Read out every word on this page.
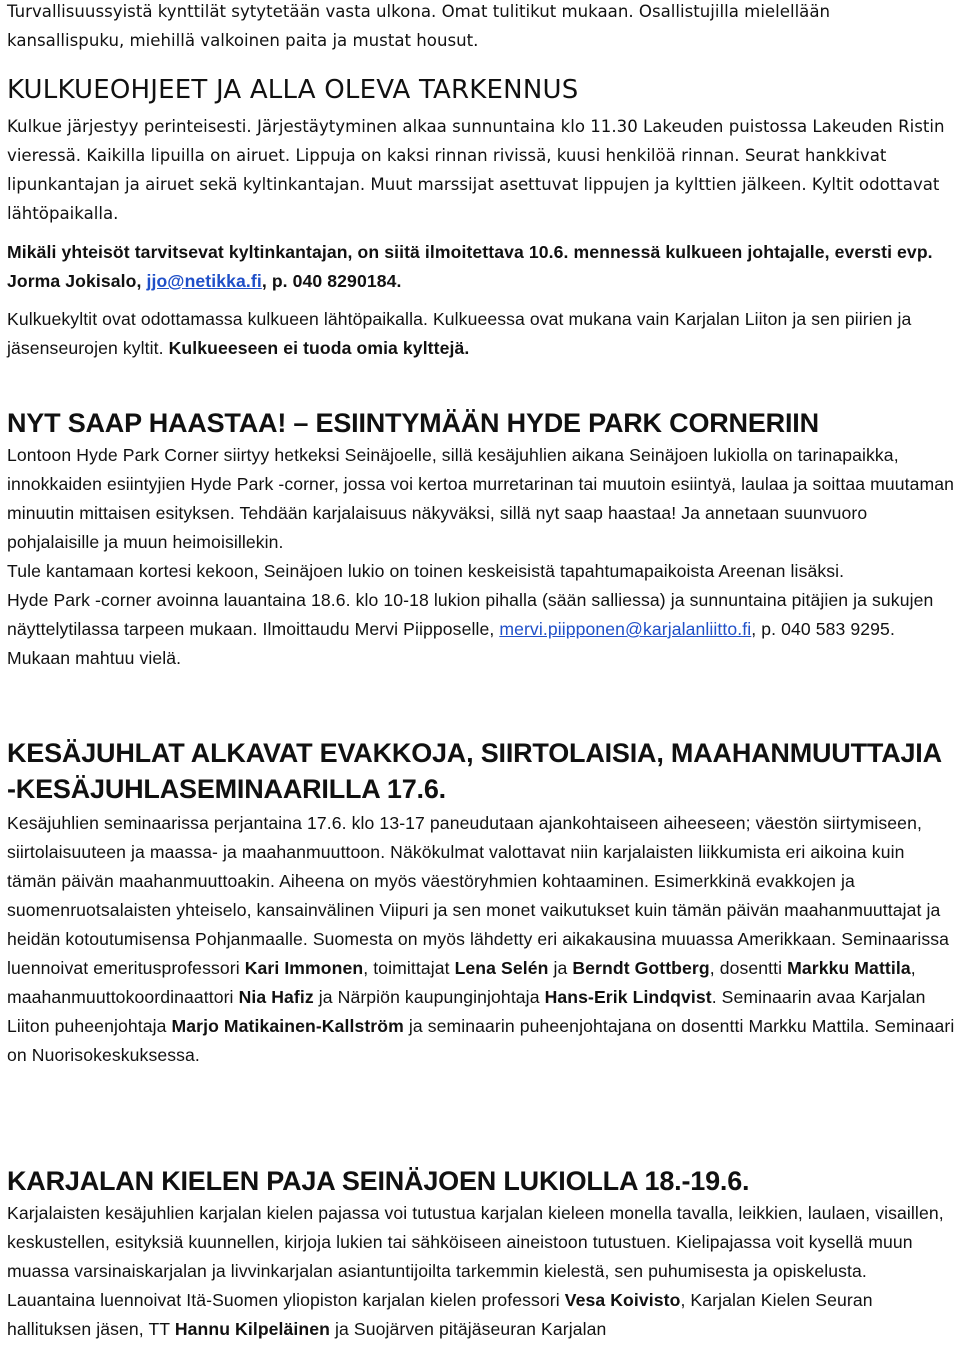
Turvallisuussyistä kynttilät sytytetään vasta ulkona. Omat tulitikut mukaan. Osallistujilla mielellään

kansallispuku, miehillä valkoinen paita ja mustat housut.

KULKUEOHJEET JA ALLA OLEVA TARKENNUS

Kulkue järjestyy perinteisesti. Järjestäytyminen alkaa sunnuntaina klo 11.30 Lakeuden puistossa Lakeuden Ristin vieressä. Kaikilla lipuilla on airuet. Lippuja on kaksi rinnan rivissä, kuusi henkilöä rinnan. Seurat hankkivat lipunkantajan ja airuet sekä kyltinkantajan. Muut marssijat asettuvat lippujen ja kylttien jälkeen. Kyltit odottavat lähtöpaikalla.

Mikäli yhteisöt tarvitsevat kyltinkantajan, on siitä ilmoitettava 10.6. mennessä kulkueen johtajalle, eversti evp. Jorma Jokisalo, jjo@netikka.fi, p. 040 8290184.

Kulkuekyltit ovat odottamassa kulkueen lähtöpaikalla. Kulkueessa ovat mukana vain Karjalan Liiton ja sen piirien ja jäsenseurojen kyltit. Kulkueeseen ei tuoda omia kylttejä.

NYT SAAP HAASTAA! – ESIINTYMÄÄN HYDE PARK CORNERIIN

Lontoon Hyde Park Corner siirtyy hetkeksi Seinäjoelle, sillä kesäjuhlien aikana Seinäjoen lukiolla on tarinapaikka, innokkaiden esiintyjien Hyde Park -corner, jossa voi kertoa murretarinan tai muutoin esiintyä, laulaa ja soittaa muutaman minuutin mittaisen esityksen. Tehdään karjalaisuus näkyväksi, sillä nyt saap haastaa! Ja annetaan suunvuoro pohjalaisille ja muun heimoisillekin.

Tule kantamaan kortesi kekoon, Seinäjoen lukio on toinen keskeisistä tapahtumapaikoista Areenan lisäksi.

Hyde Park -corner avoinna lauantaina 18.6. klo 10-18 lukion pihalla (sään salliessa) ja sunnuntaina pitäjien ja sukujen näyttelytilassa tarpeen mukaan. Ilmoittaudu Mervi Piipposelle, mervi.piipponen@karjalanliitto.fi, p. 040 583 9295. Mukaan mahtuu vielä.

KESÄJUHLAT ALKAVAT EVAKKOJA, SIIRTOLAISIA, MAAHANMUUTTAJIA
-KESÄJUHLASEMINAARILLA 17.6.

Kesäjuhlien seminaarissa perjantaina 17.6. klo 13-17 paneudutaan ajankohtaiseen aiheeseen; väestön siirtymiseen, siirtolaisuuteen ja maassa- ja maahanmuuttoon. Näkökulmat valottavat niin karjalaisten liikkumista eri aikoina kuin tämän päivän maahanmuuttoakin. Aiheena on myös väestöryhmien kohtaaminen. Esimerkkinä evakkojen ja suomenruotsalaisten yhteiselo, kansainvälinen Viipuri ja sen monet vaikutukset kuin tämän päivän maahanmuuttajat ja heidän kotoutumisensa Pohjanmaalle. Suomesta on myös lähdetty eri aikakausina muuassa Amerikkaan. Seminaarissa luennoivat emeritusprofessori Kari Immonen, toimittajat Lena Selén ja Berndt Gottberg, dosentti Markku Mattila, maahanmuuttokoordinaattori Nia Hafiz ja Närpiön kaupunginjohtaja Hans-Erik Lindqvist. Seminaarin avaa Karjalan Liiton puheenjohtaja Marjo Matikainen-Kallström ja seminaarin puheenjohtajana on dosentti Markku Mattila. Seminaari on Nuorisokeskuksessa.

KARJALAN KIELEN PAJA SEINÄJOEN LUKIOLLA 18.-19.6.

Karjalaisten kesäjuhlien karjalan kielen pajassa voi tutustua karjalan kieleen monella tavalla, leikkien, laulaen, visaillen, keskustellen, esityksiä kuunnellen, kirjoja lukien tai sähköiseen aineistoon tutustuen. Kielipajassa voit kysellä muun muassa varsinaiskarjalan ja livvinkarjalan asiantuntijoilta tarkemmin kielestä, sen puhumisesta ja opiskelusta.

Lauantaina luennoivat Itä-Suomen yliopiston karjalan kielen professori Vesa Koivisto, Karjalan Kielen Seuran hallituksen jäsen, TT Hannu Kilpeläinen ja Suojärven pitäjäseuran Karjalan
